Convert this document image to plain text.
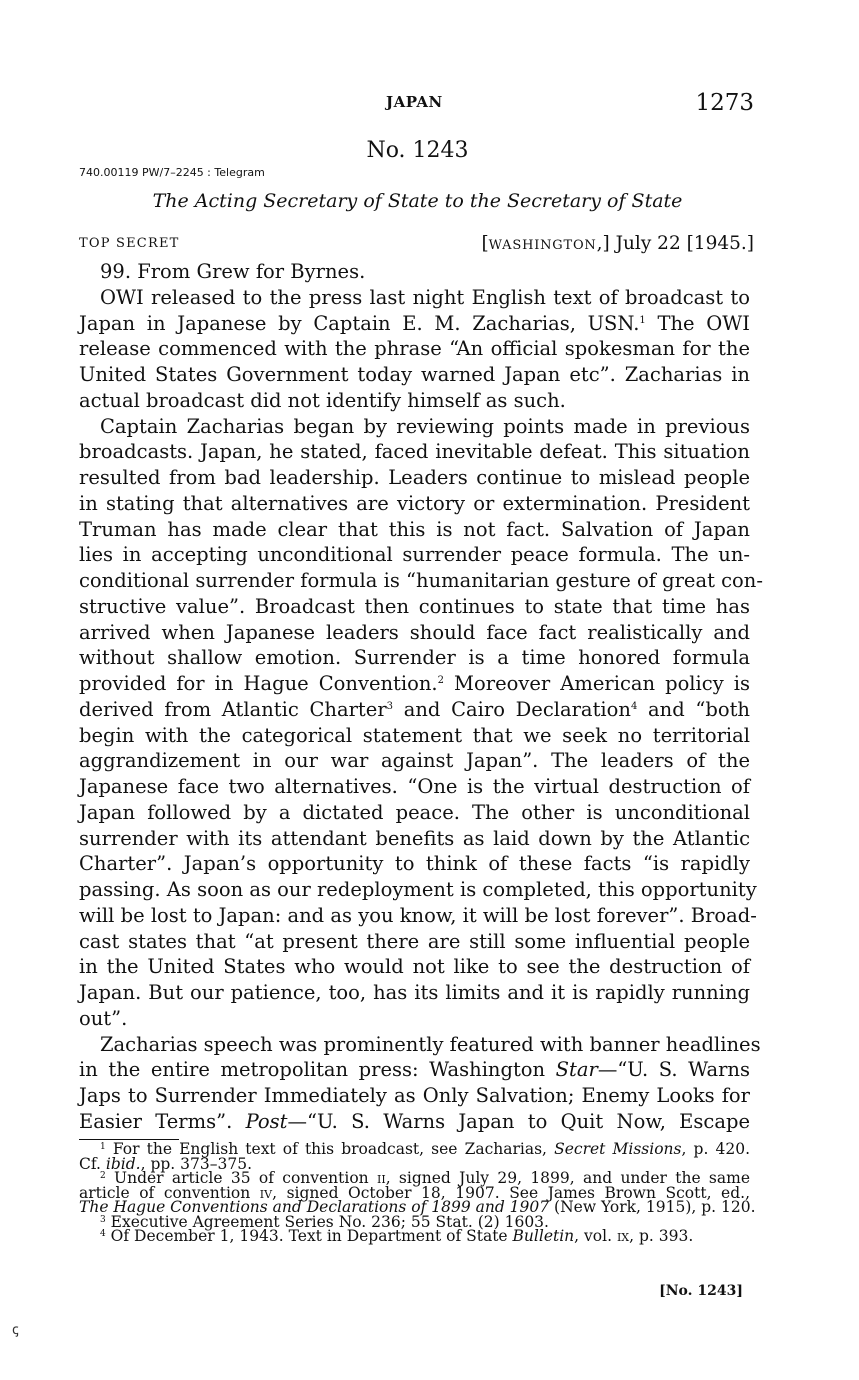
JAPAN	1273
No. 1243
740.00119 PW/7–2245 : Telegram
The Acting Secretary of State to the Secretary of State
TOP SECRET	[WASHINGTON,] July 22 [1945.]
99. From Grew for Byrnes.
OWI released to the press last night English text of broadcast to
Japan in Japanese by Captain E. M. Zacharias, USN.$^1$ The OWI
release commenced with the phrase “An official spokesman for the
United States Government today warned Japan etc”. Zacharias in
actual broadcast did not identify himself as such.
Captain Zacharias began by reviewing points made in previous
broadcasts. Japan, he stated, faced inevitable defeat. This situation
resulted from bad leadership. Leaders continue to mislead people
in stating that alternatives are victory or extermination. President
Truman has made clear that this is not fact. Salvation of Japan
lies in accepting unconditional surrender peace formula. The un-
conditional surrender formula is “humanitarian gesture of great con-
structive value”. Broadcast then continues to state that time has
arrived when Japanese leaders should face fact realistically and
without shallow emotion. Surrender is a time honored formula
provided for in Hague Convention.$^2$ Moreover American policy is
derived from Atlantic Charter$^3$ and Cairo Declaration$^4$ and “both
begin with the categorical statement that we seek no territorial
aggrandizement in our war against Japan”. The leaders of the
Japanese face two alternatives. “One is the virtual destruction of
Japan followed by a dictated peace. The other is unconditional
surrender with its attendant benefits as laid down by the Atlantic
Charter”. Japan’s opportunity to think of these facts “is rapidly
passing. As soon as our redeployment is completed, this opportunity
will be lost to Japan: and as you know, it will be lost forever”. Broad-
cast states that “at present there are still some influential people
in the United States who would not like to see the destruction of
Japan. But our patience, too, has its limits and it is rapidly running
out”.
Zacharias speech was prominently featured with banner headlines
in the entire metropolitan press: Washington Star—“U. S. Warns
Japs to Surrender Immediately as Only Salvation; Enemy Looks for
Easier Terms”. Post—“U. S. Warns Japan to Quit Now, Escape
$^1$ For the English text of this broadcast, see Zacharias, Secret Missions, p. 420.
Cf. ibid., pp. 373–375.
$^2$ Under article 35 of convention ii, signed July 29, 1899, and under the same
article of convention iv, signed October 18, 1907. See James Brown Scott, ed.,
The Hague Conventions and Declarations of 1899 and 1907 (New York, 1915), p. 120.
$^3$ Executive Agreement Series No. 236; 55 Stat. (2) 1603.
$^4$ Of December 1, 1943. Text in Department of State Bulletin, vol. ix, p. 393.
[No. 1243]
ꞔ
